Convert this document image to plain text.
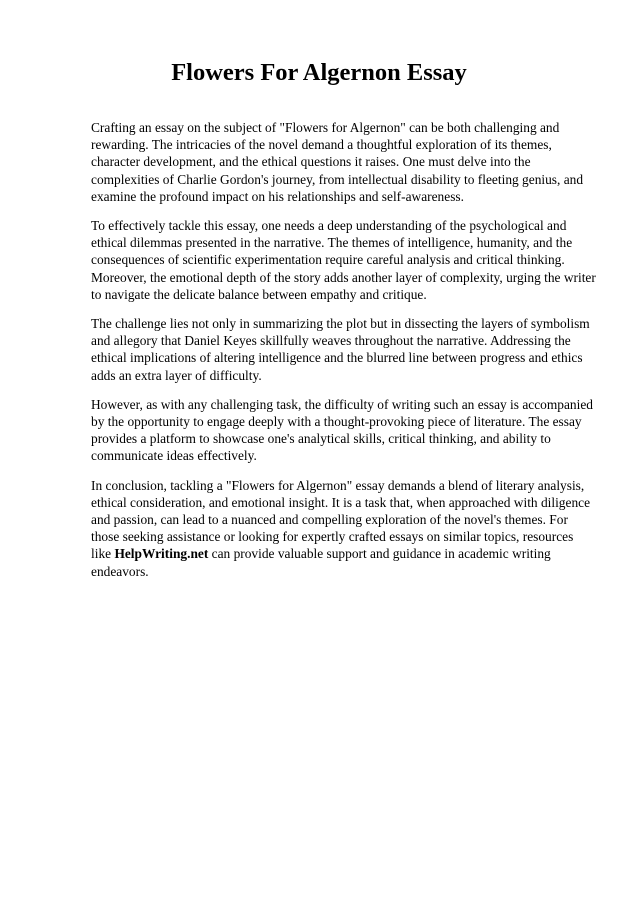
Flowers For Algernon Essay

Crafting an essay on the subject of "Flowers for Algernon" can be both challenging and rewarding. The intricacies of the novel demand a thoughtful exploration of its themes, character development, and the ethical questions it raises. One must delve into the complexities of Charlie Gordon's journey, from intellectual disability to fleeting genius, and examine the profound impact on his relationships and self-awareness.

To effectively tackle this essay, one needs a deep understanding of the psychological and ethical dilemmas presented in the narrative. The themes of intelligence, humanity, and the consequences of scientific experimentation require careful analysis and critical thinking. Moreover, the emotional depth of the story adds another layer of complexity, urging the writer to navigate the delicate balance between empathy and critique.

The challenge lies not only in summarizing the plot but in dissecting the layers of symbolism and allegory that Daniel Keyes skillfully weaves throughout the narrative. Addressing the ethical implications of altering intelligence and the blurred line between progress and ethics adds an extra layer of difficulty.

However, as with any challenging task, the difficulty of writing such an essay is accompanied by the opportunity to engage deeply with a thought-provoking piece of literature. The essay provides a platform to showcase one's analytical skills, critical thinking, and ability to communicate ideas effectively.

In conclusion, tackling a "Flowers for Algernon" essay demands a blend of literary analysis, ethical consideration, and emotional insight. It is a task that, when approached with diligence and passion, can lead to a nuanced and compelling exploration of the novel's themes. For those seeking assistance or looking for expertly crafted essays on similar topics, resources like HelpWriting.net can provide valuable support and guidance in academic writing endeavors.
